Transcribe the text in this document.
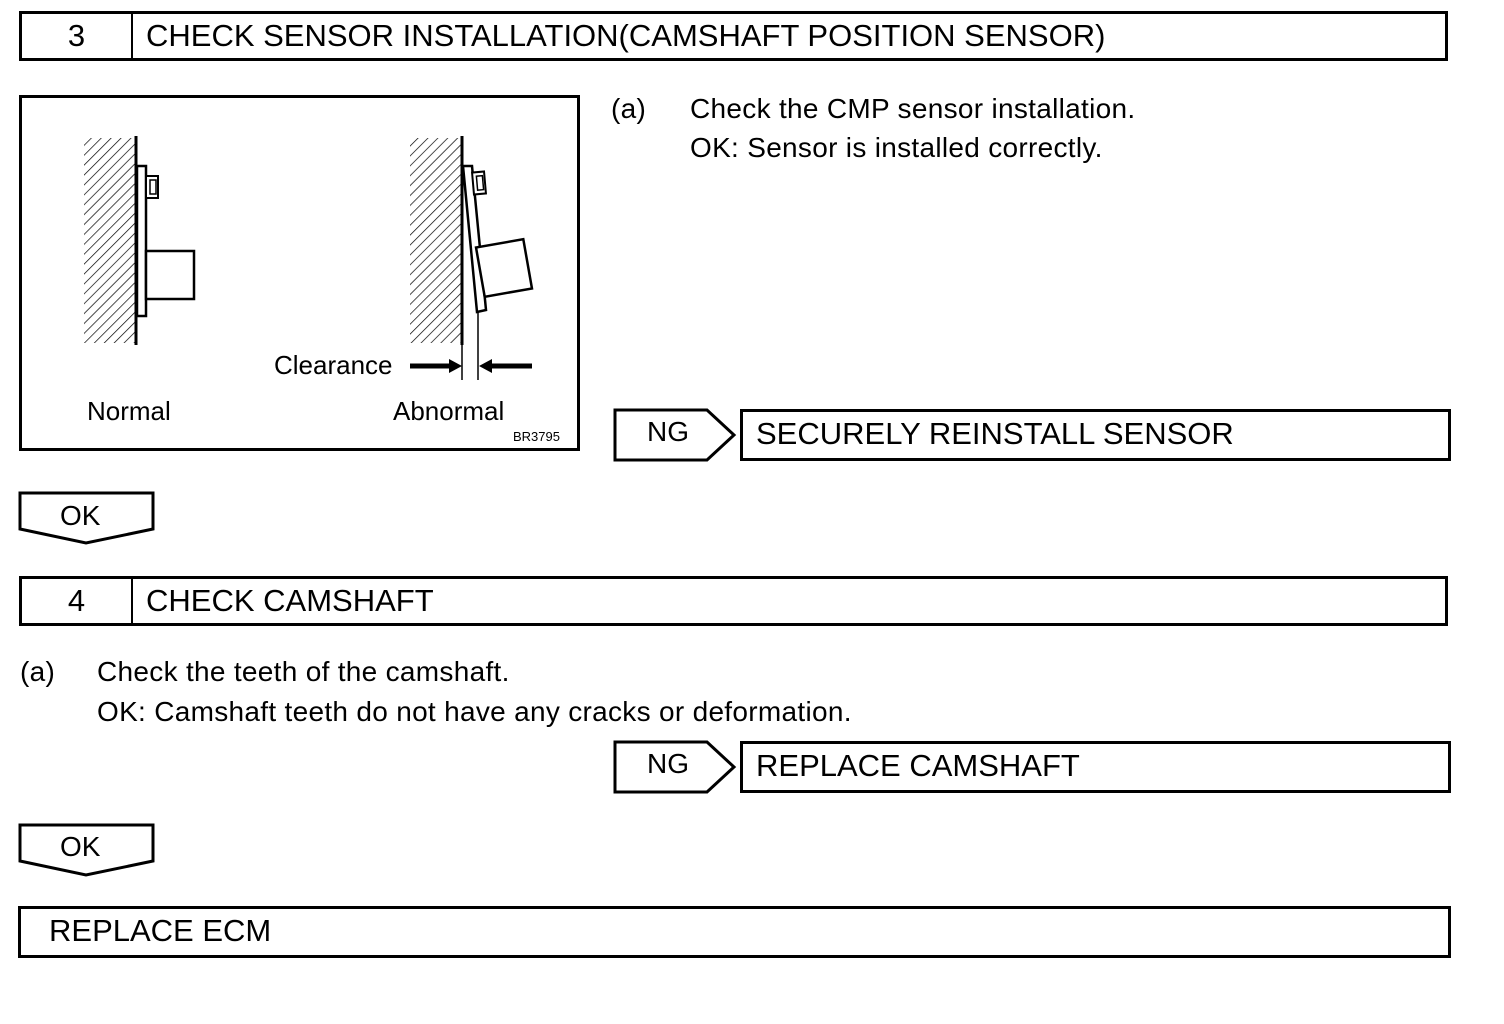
3	CHECK SENSOR INSTALLATION(CAMSHAFT POSITION SENSOR)
Clearance
Normal	Abnormal
BR3795
(a) Check the CMP sensor installation.
OK: Sensor is installed correctly.
NG	SECURELY REINSTALL SENSOR
OK
4	CHECK CAMSHAFT
(a) Check the teeth of the camshaft.
OK: Camshaft teeth do not have any cracks or deformation.
NG	REPLACE CAMSHAFT
OK
REPLACE ECM
